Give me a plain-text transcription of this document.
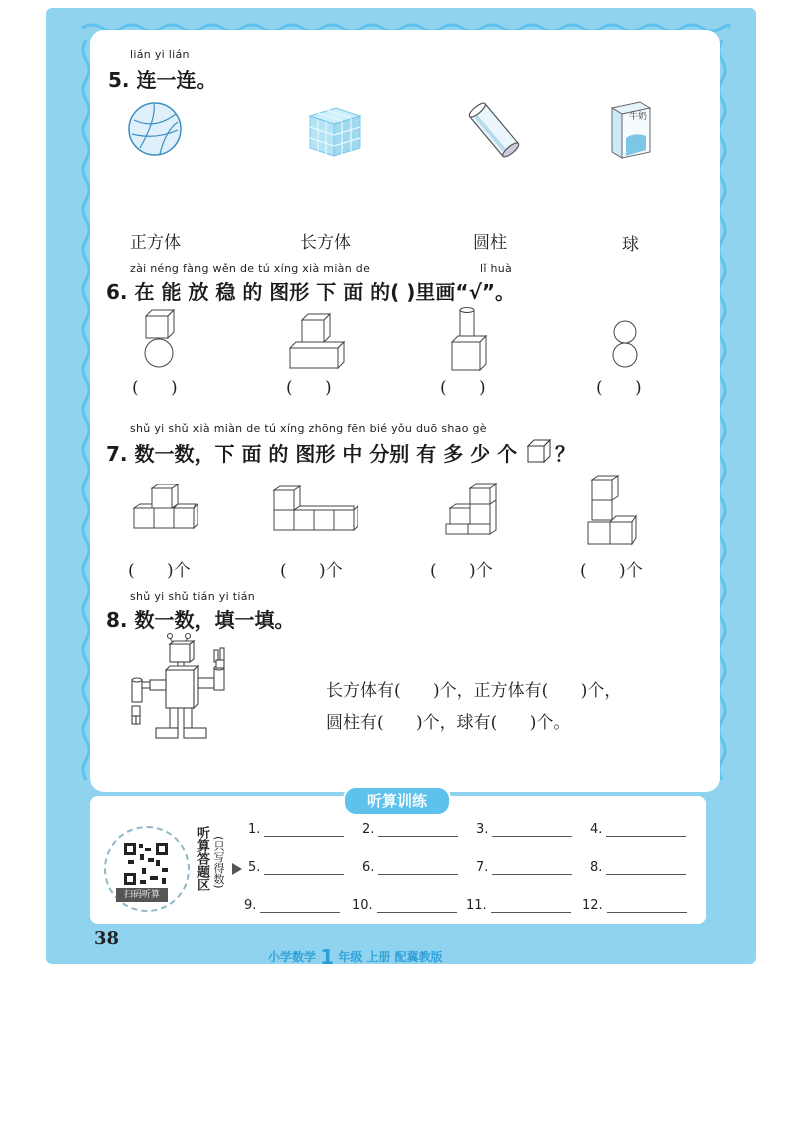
lián yi lián
5. 连一连。
牛奶
正方体	长方体	圆柱	球
zài néng fàng wěn de tú xíng xià miàn de	lǐ huà
6. 在 能 放 稳 的 图形 下 面 的( )里画“√”。
(      )	(      )	(      )	(      )
shǔ yi shǔ xià miàn de tú xíng zhōng fēn bié yǒu duō shao gè
7. 数一数，下 面 的 图形 中 分别 有 多 少 个 ？
(      )个	(      )个	(      )个	(      )个
shǔ yi shǔ tián yi tián
8. 数一数，填一填。
长方体有(      )个，正方体有(      )个，
圆柱有(      )个，球有(      )个。
听算训练
扫码听算
听算答题区 (只写得数)
1.	2.	3.	4.
5.	6.	7.	8.
9.	10.	11.	12.
38
小学数学 1 年级 上册 配冀教版
